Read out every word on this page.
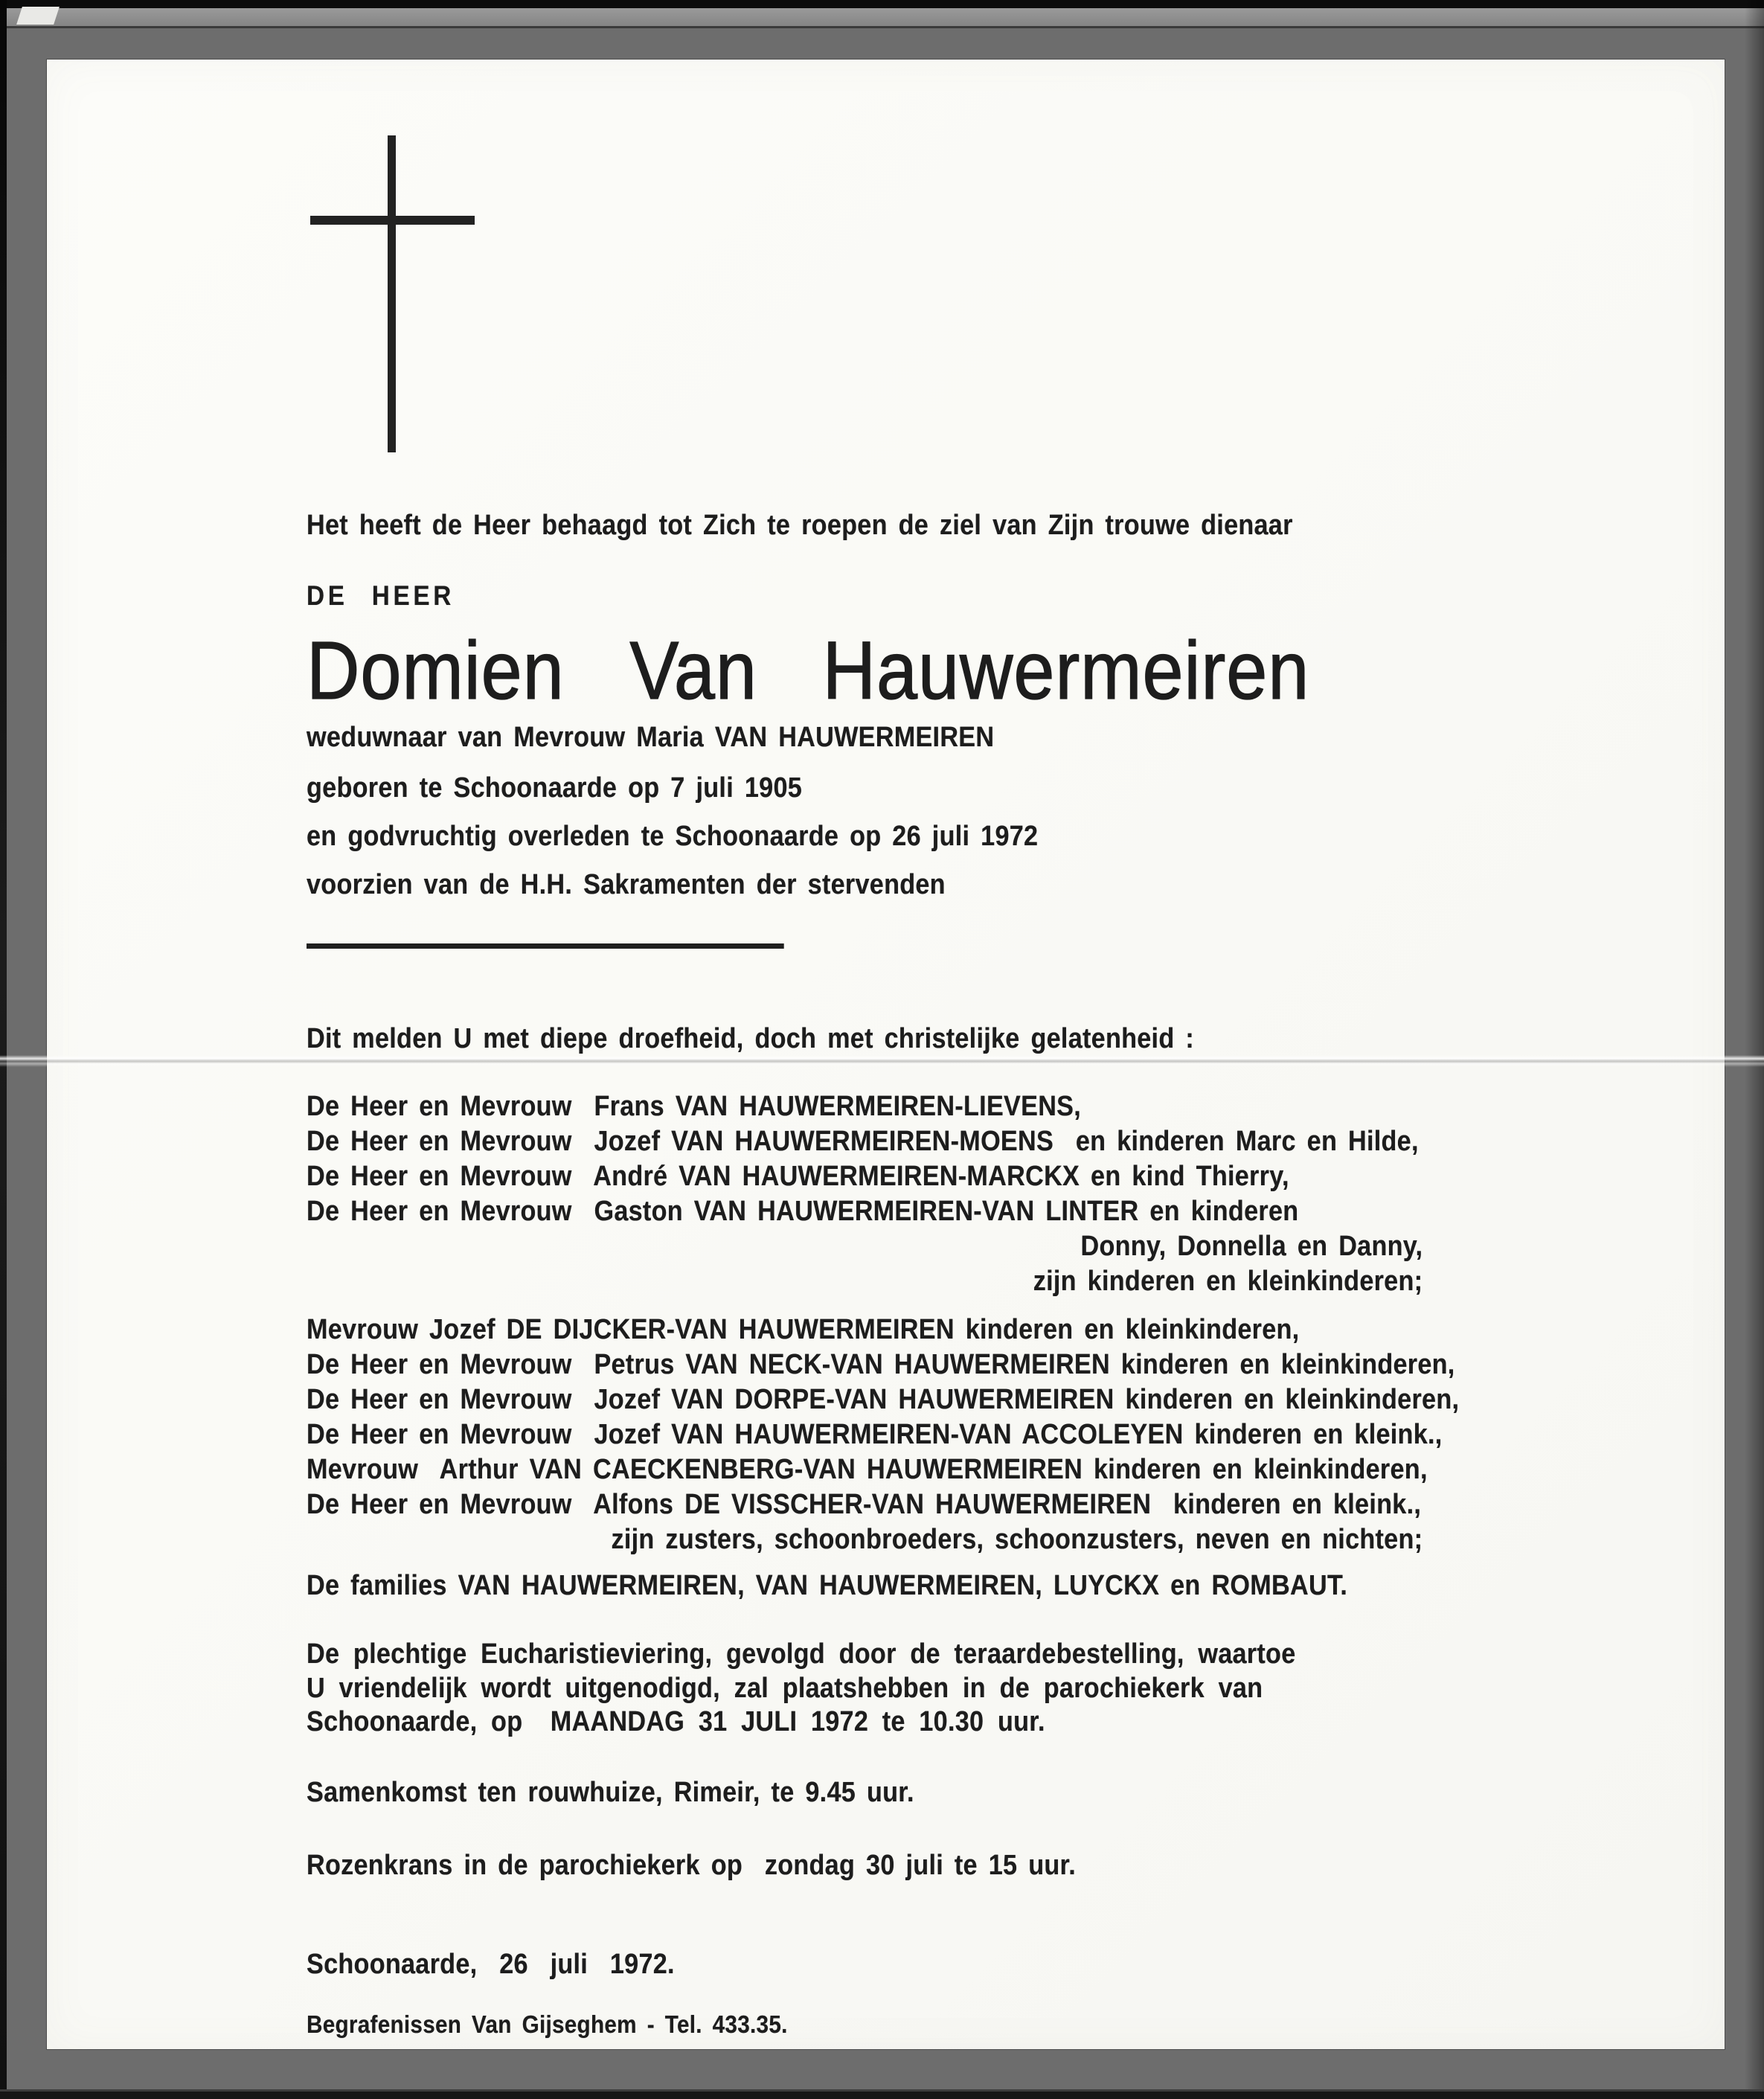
Het heeft de Heer behaagd tot Zich te roepen de ziel van Zijn trouwe dienaar
DE HEER
Domien Van Hauwermeiren
weduwnaar van Mevrouw Maria VAN HAUWERMEIREN
geboren te Schoonaarde op 7 juli 1905
en godvruchtig overleden te Schoonaarde op 26 juli 1972
voorzien van de H.H. Sakramenten der stervenden
Dit melden U met diepe droefheid, doch met christelijke gelatenheid :
De Heer en Mevrouw  Frans VAN HAUWERMEIREN-LIEVENS,
De Heer en Mevrouw  Jozef VAN HAUWERMEIREN-MOENS  en kinderen Marc en Hilde,
De Heer en Mevrouw  André VAN HAUWERMEIREN-MARCKX en kind Thierry,
De Heer en Mevrouw  Gaston VAN HAUWERMEIREN-VAN LINTER en kinderen
Donny, Donnella en Danny,
zijn kinderen en kleinkinderen;
Mevrouw Jozef DE DIJCKER-VAN HAUWERMEIREN kinderen en kleinkinderen,
De Heer en Mevrouw  Petrus VAN NECK-VAN HAUWERMEIREN kinderen en kleinkinderen,
De Heer en Mevrouw  Jozef VAN DORPE-VAN HAUWERMEIREN kinderen en kleinkinderen,
De Heer en Mevrouw  Jozef VAN HAUWERMEIREN-VAN ACCOLEYEN kinderen en kleink.,
Mevrouw  Arthur VAN CAECKENBERG-VAN HAUWERMEIREN kinderen en kleinkinderen,
De Heer en Mevrouw  Alfons DE VISSCHER-VAN HAUWERMEIREN  kinderen en kleink.,
zijn zusters, schoonbroeders, schoonzusters, neven en nichten;
De families VAN HAUWERMEIREN, VAN HAUWERMEIREN, LUYCKX en ROMBAUT.
De plechtige Eucharistieviering, gevolgd door de teraardebestelling, waartoe
U vriendelijk wordt uitgenodigd, zal plaatshebben in de parochiekerk van
Schoonaarde, op  MAANDAG 31 JULI 1972 te 10.30 uur.
Samenkomst ten rouwhuize, Rimeir, te 9.45 uur.
Rozenkrans in de parochiekerk op  zondag 30 juli te 15 uur.
Schoonaarde,  26  juli  1972.
Begrafenissen Van Gijseghem - Tel. 433.35.
